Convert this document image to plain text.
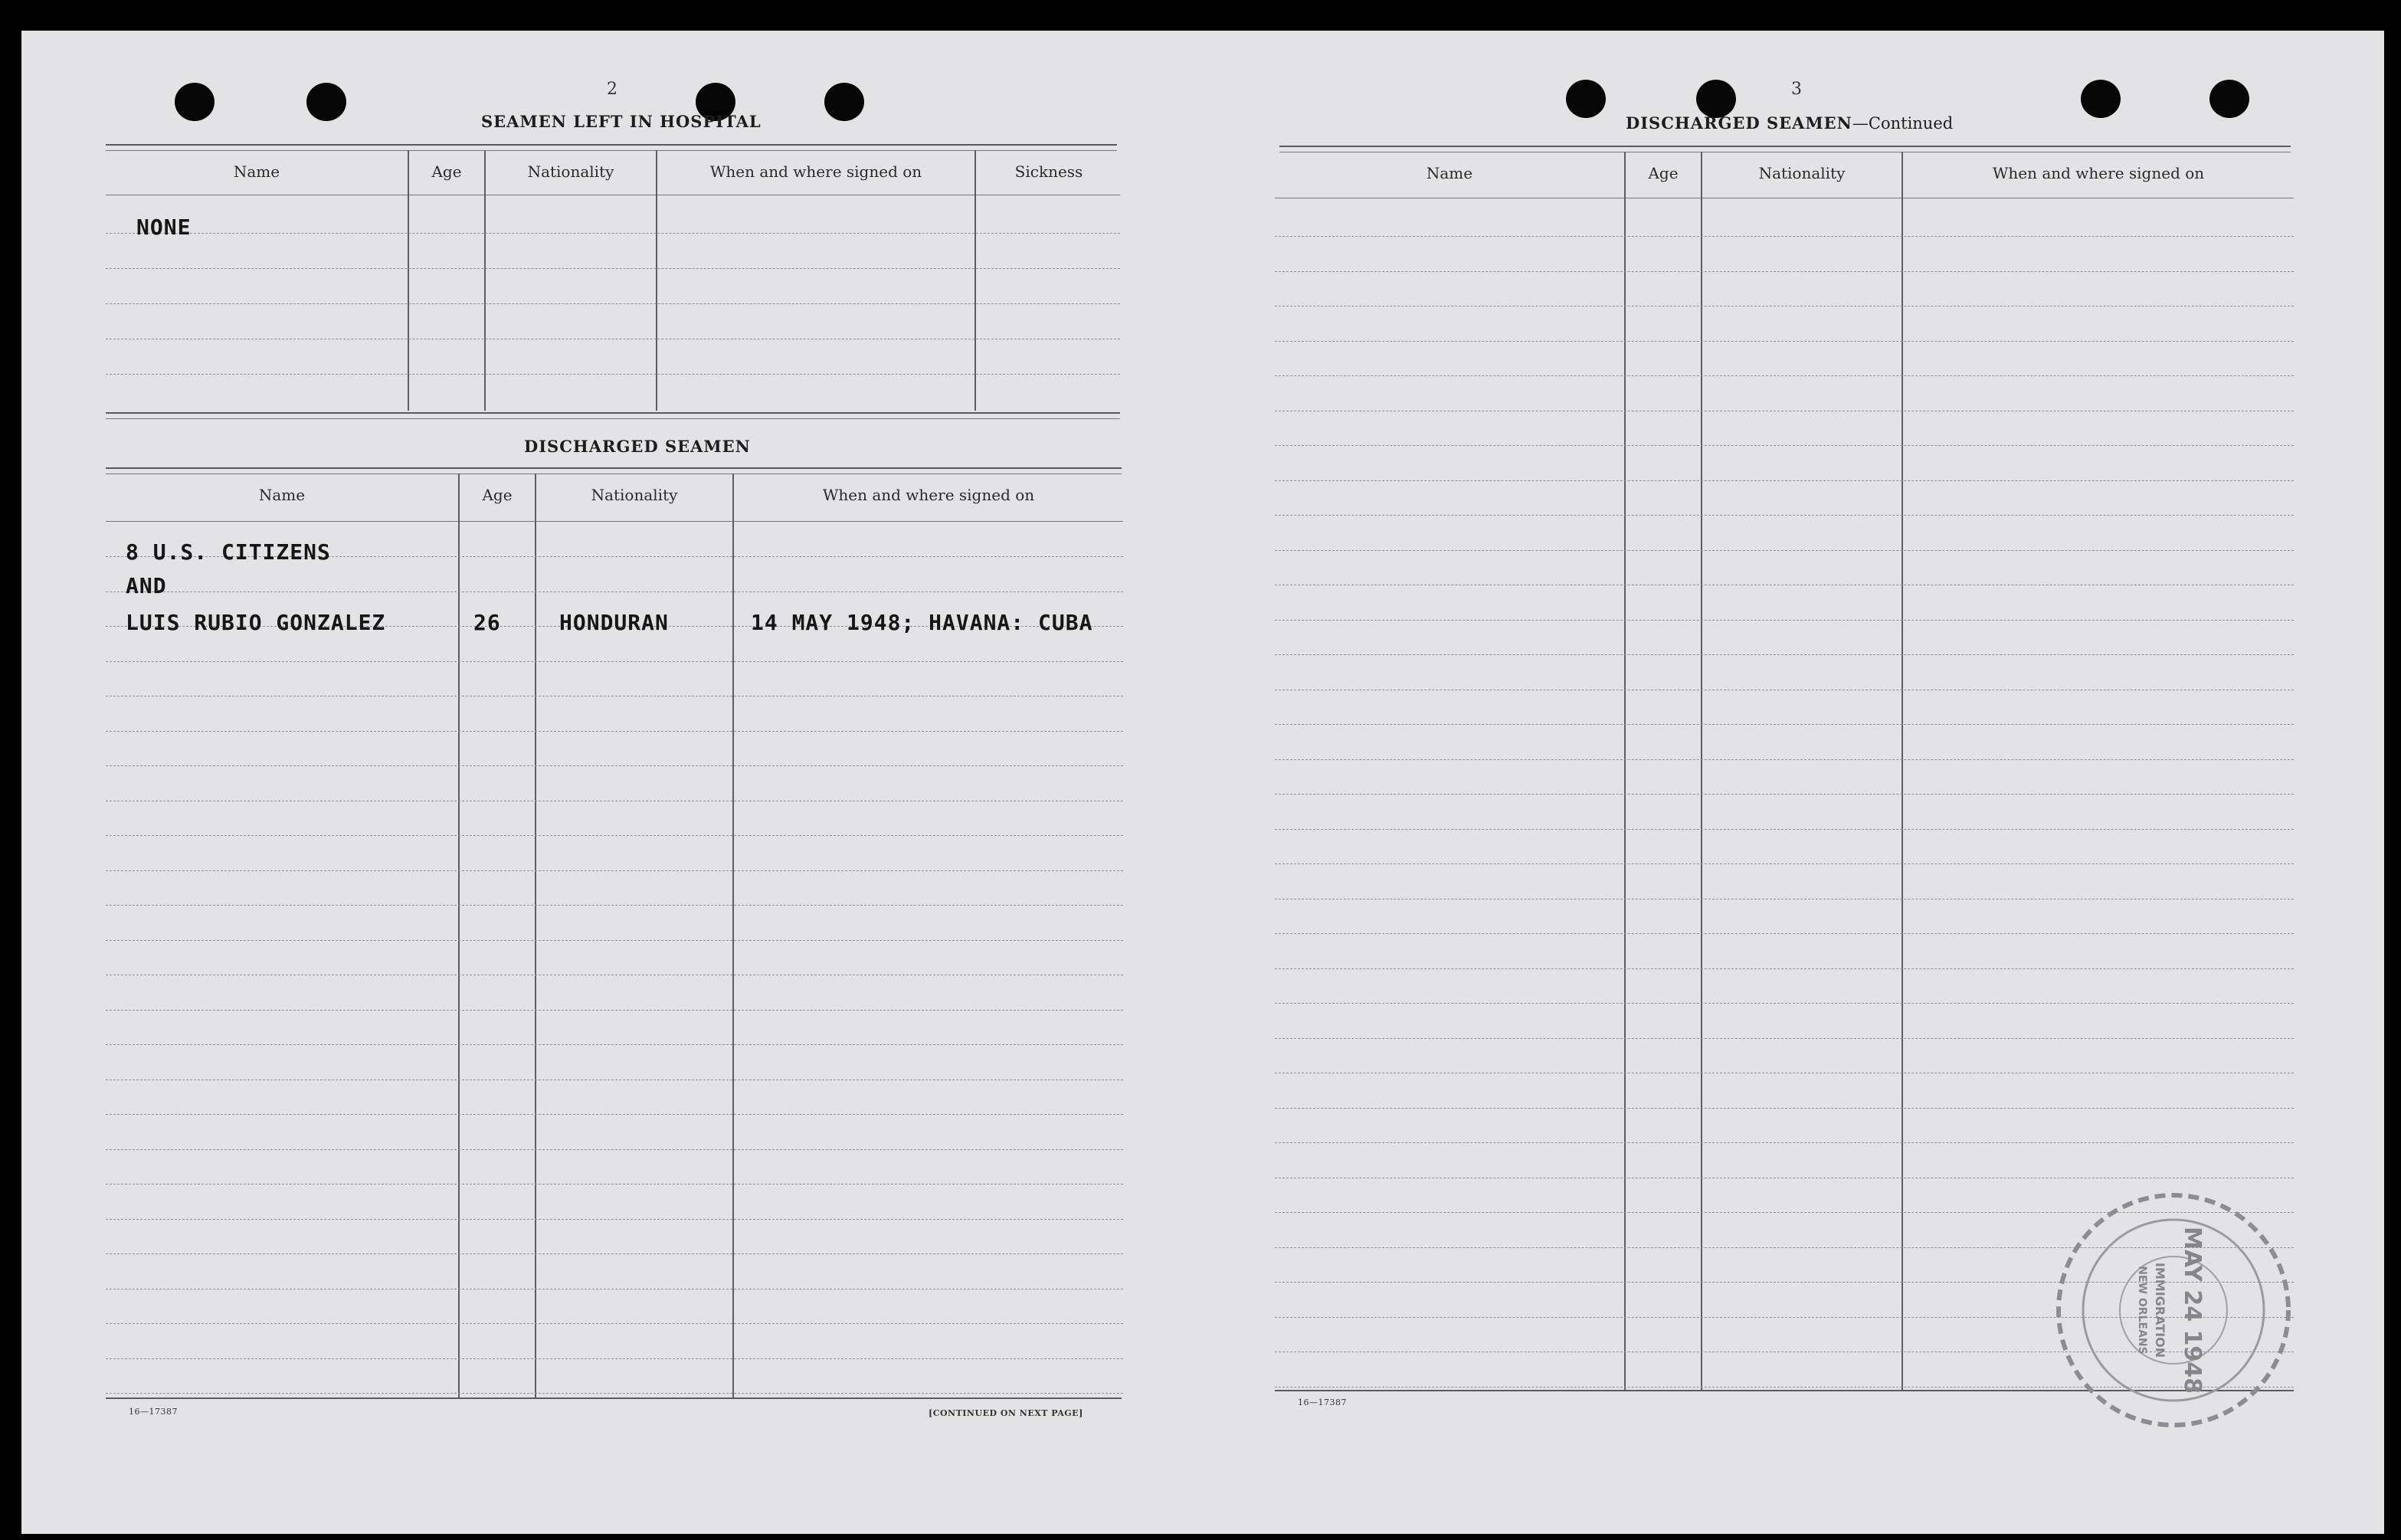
2
SEAMEN LEFT IN HOSPITAL
Name	Age	Nationality	When and where signed on	Sickness
NONE
DISCHARGED SEAMEN
Name	Age	Nationality	When and where signed on
8 U.S. CITIZENS
AND
LUIS RUBIO GONZALEZ	26	HONDURAN	14 MAY 1948; HAVANA: CUBA
16—17387	[CONTINUED ON NEXT PAGE]
3
DISCHARGED SEAMEN—Continued
Name	Age	Nationality	When and where signed on
16—17387
MAY 24 1948
IMMIGRATION
NEW ORLEANS
